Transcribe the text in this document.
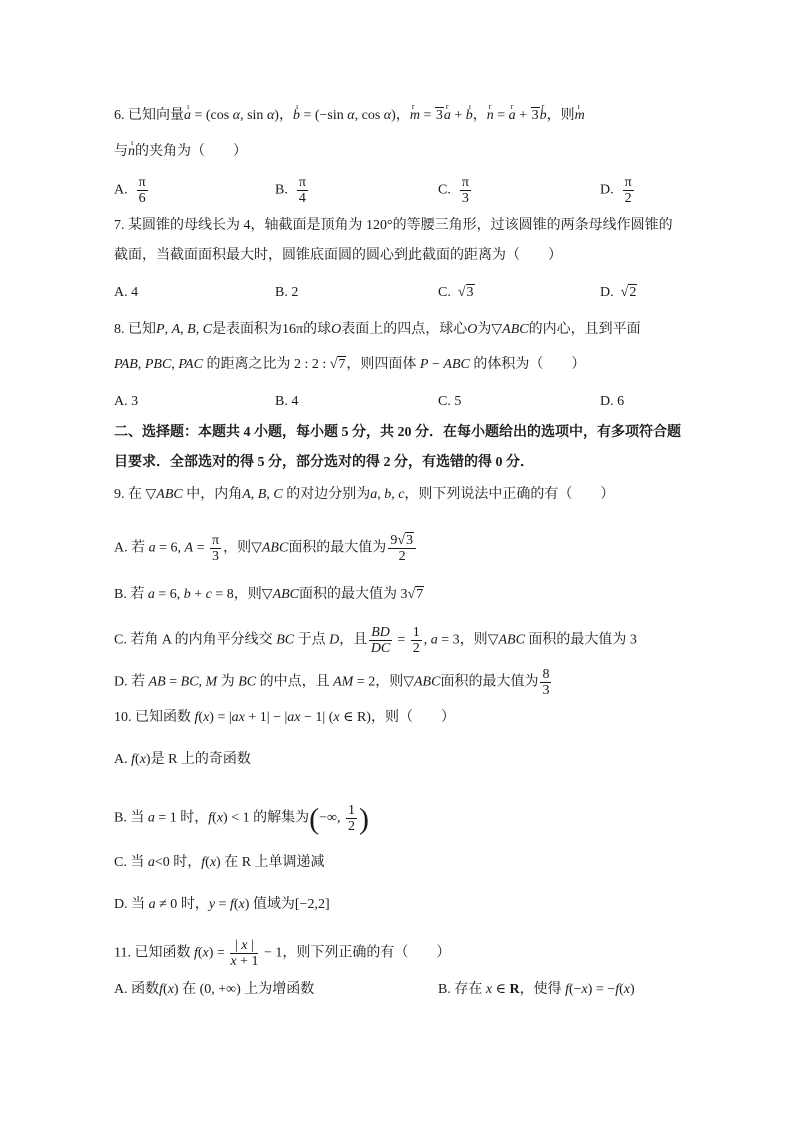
6. 已知向量ı a = (cos α, sin α)，ı b = (−sin α, cos α)，r m = 3r a + ı b，r n = r a + 3r b，则ı m
与ı n的夹角为（　　）
A. $\frac{\pi}{6}$	B. $\frac{\pi}{4}$	C. $\frac{\pi}{3}$	D. $\frac{\pi}{2}$
7. 某圆锥的母线长为 4，轴截面是顶角为 120°的等腰三角形，过该圆锥的两条母线作圆锥的
截面，当截面面积最大时，圆锥底面圆的圆心到此截面的距离为（　　）
A. 4	B. 2	C.  √3	D.  √2
8. 已知P, A, B, C是表面积为16π的球O表面上的四点，球心O为▽ABC的内心，且到平面
PAB, PBC, PAC 的距离之比为 2 : 2 : √7，则四面体 P − ABC 的体积为（　　）
A. 3	B. 4	C. 5	D. 6
二、选择题：本题共 4 小题，每小题 5 分，共 20 分．在每小题给出的选项中，有多项符合题
目要求．全部选对的得 5 分，部分选对的得 2 分，有选错的得 0 分．
9. 在 ▽ABC 中，内角A, B, C 的对边分别为a, b, c，则下列说法中正确的有（　　）
A. 若 a = 6, $A = \frac{\pi}{3}$ ，则▽ABC面积的最大值为 $\frac{9√3}{2}$
B. 若 a = 6, b + c = 8，则▽ABC面积的最大值为 3√7
C. 若角 A 的内角平分线交 BC 于点 D，且 $\frac{BD}{DC} = \frac{1}{2}$ , a = 3，则▽ABC 面积的最大值为 3
D. 若 AB = BC, M 为 BC 的中点，且 AM = 2，则▽ABC面积的最大值为 $\frac{8}{3}$
10. 已知函数 f(x) = |ax + 1| − |ax − 1| (x ∈ R)，则（　　）
A. f(x)是 R 上的奇函数
B. 当 a = 1 时，f(x) < 1 的解集为(−∞, $\frac{1}{2}$ )
C. 当 a<0 时，f(x) 在 R 上单调递减
D. 当 a ≠ 0 时，y = f(x) 值域为[−2,2]
11. 已知函数 $f(x) = \frac{| x |}{x + 1} - 1$，则下列正确的有（　　）
A. 函数f(x) 在 (0, +∞) 上为增函数	B. 存在 x ∈ R，使得 f(−x) = −f(x)
